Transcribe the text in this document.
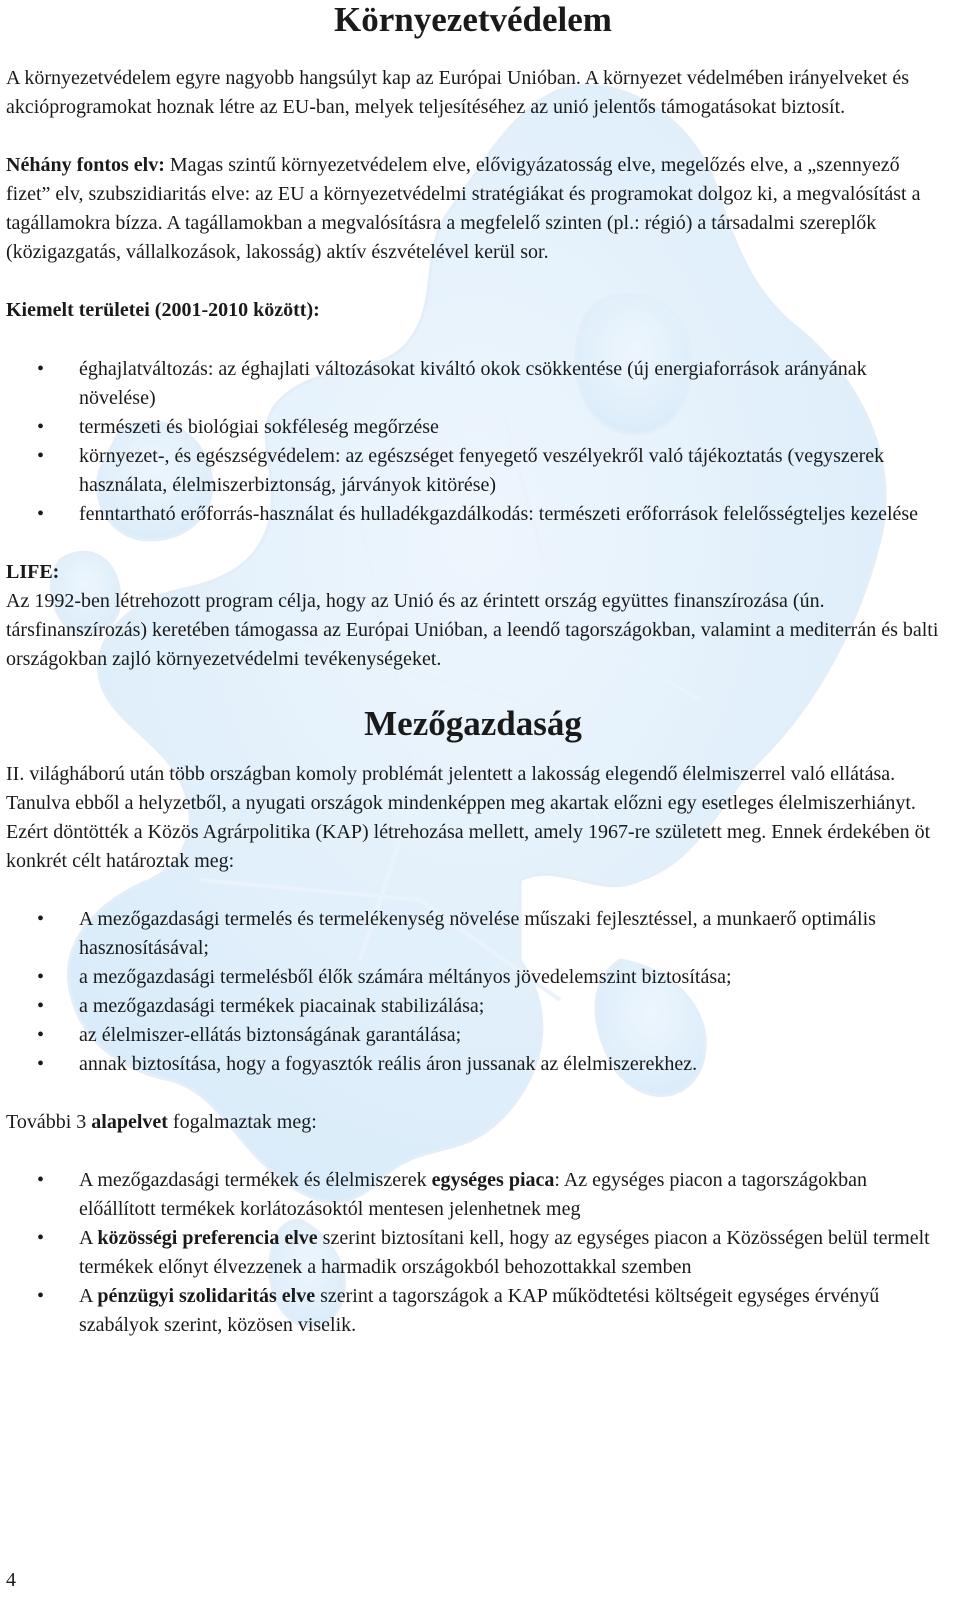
Környezetvédelem

A környezetvédelem egyre nagyobb hangsúlyt kap az Európai Unióban. A környezet védelmében irányelveket és akcióprogramokat hoznak létre az EU-ban, melyek teljesítéséhez az unió jelentős támogatásokat biztosít.

Néhány fontos elv: Magas szintű környezetvédelem elve, elővigyázatosság elve, megelőzés elve, a „szennyező fizet” elv, szubszidiaritás elve: az EU a környezetvédelmi stratégiákat és programokat dolgoz ki, a megvalósítást a tagállamokra bízza. A tagállamokban a megvalósításra a megfelelő szinten (pl.: régió) a társadalmi szereplők (közigazgatás, vállalkozások, lakosság) aktív észvételével kerül sor.

Kiemelt területei (2001-2010 között):

• éghajlatváltozás: az éghajlati változásokat kiváltó okok csökkentése (új energiaforrások arányának növelése)
• természeti és biológiai sokféleség megőrzése
• környezet-, és egészségvédelem: az egészséget fenyegető veszélyekről való tájékoztatás (vegyszerek használata, élelmiszerbiztonság, járványok kitörése)
• fenntartható erőforrás-használat és hulladékgazdálkodás: természeti erőforrások felelősségteljes kezelése

LIFE:

Az 1992-ben létrehozott program célja, hogy az Unió és az érintett ország együttes finanszírozása (ún. társfinanszírozás) keretében támogassa az Európai Unióban, a leendő tagországokban, valamint a mediterrán és balti országokban zajló környezetvédelmi tevékenységeket.

Mezőgazdaság

II. világháború után több országban komoly problémát jelentett a lakosság elegendő élelmiszerrel való ellátása. Tanulva ebből a helyzetből, a nyugati országok mindenképpen meg akartak előzni egy esetleges élelmiszerhiányt. Ezért döntötték a Közös Agrárpolitika (KAP) létrehozása mellett, amely 1967-re született meg. Ennek érdekében öt konkrét célt határoztak meg:

• A mezőgazdasági termelés és termelékenység növelése műszaki fejlesztéssel, a munkaerő optimális hasznosításával;
• a mezőgazdasági termelésből élők számára méltányos jövedelemszint biztosítása;
• a mezőgazdasági termékek piacainak stabilizálása;
• az élelmiszer-ellátás biztonságának garantálása;
• annak biztosítása, hogy a fogyasztók reális áron jussanak az élelmiszerekhez.

További 3 alapelvet fogalmaztak meg:

• A mezőgazdasági termékek és élelmiszerek egységes piaca: Az egységes piacon a tagországokban előállított termékek korlátozásoktól mentesen jelenhetnek meg
• A közösségi preferencia elve szerint biztosítani kell, hogy az egységes piacon a Közösségen belül termelt termékek előnyt élvezzenek a harmadik országokból behozottakkal szemben
• A pénzügyi szolidaritás elve szerint a tagországok a KAP működtetési költségeit egységes érvényű szabályok szerint, közösen viselik.
4
